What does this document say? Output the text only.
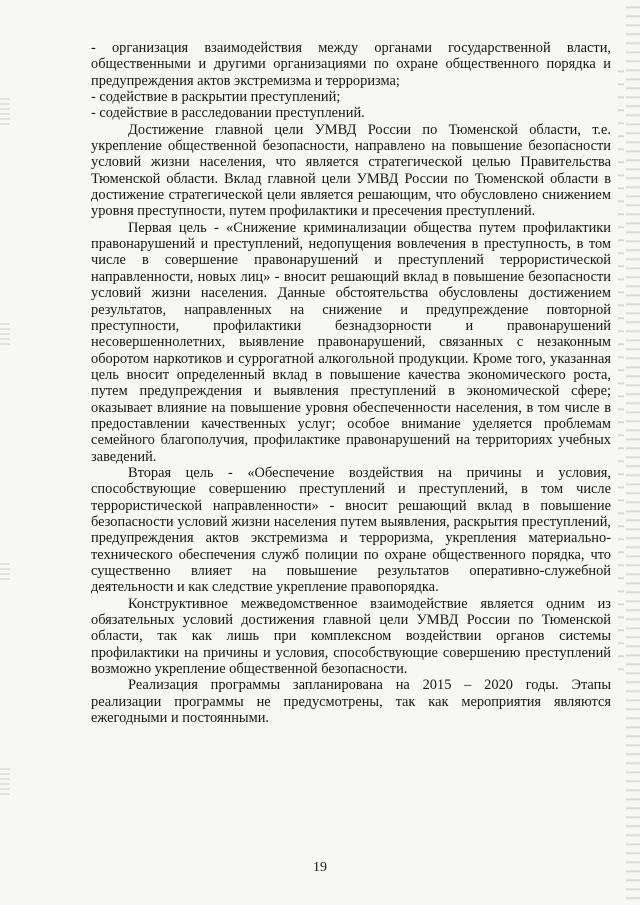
- организация взаимодействия между органами государственной власти, общественными и другими организациями по охране общественного порядка и предупреждения актов экстремизма и терроризма;

- содействие в раскрытии преступлений;

- содействие в расследовании преступлений.

Достижение главной цели УМВД России по Тюменской области, т.е. укрепление общественной безопасности, направлено на повышение безопасности условий жизни населения, что является стратегической целью Правительства Тюменской области. Вклад главной цели УМВД России по Тюменской области в достижение стратегической цели является решающим, что обусловлено снижением уровня преступности, путем профилактики и пресечения преступлений.

Первая цель - «Снижение криминализации общества путем профилактики правонарушений и преступлений, недопущения вовлечения в преступность, в том числе в совершение правонарушений и преступлений террористической направленности, новых лиц» - вносит решающий вклад в повышение безопасности условий жизни населения. Данные обстоятельства обусловлены достижением результатов, направленных на снижение и предупреждение повторной преступности, профилактики безнадзорности и правонарушений несовершеннолетних, выявление правонарушений, связанных с незаконным оборотом наркотиков и суррогатной алкогольной продукции. Кроме того, указанная цель вносит определенный вклад в повышение качества экономического роста, путем предупреждения и выявления преступлений в экономической сфере; оказывает влияние на повышение уровня обеспеченности населения, в том числе в предоставлении качественных услуг; особое внимание уделяется проблемам семейного благополучия, профилактике правонарушений на территориях учебных заведений.

Вторая цель - «Обеспечение воздействия на причины и условия, способствующие совершению преступлений и преступлений, в том числе террористической направленности» - вносит решающий вклад в повышение безопасности условий жизни населения путем выявления, раскрытия преступлений, предупреждения актов экстремизма и терроризма, укрепления материально-технического обеспечения служб полиции по охране общественного порядка, что существенно влияет на повышение результатов оперативно-служебной деятельности и как следствие укрепление правопорядка.

Конструктивное межведомственное взаимодействие является одним из обязательных условий достижения главной цели УМВД России по Тюменской области, так как лишь при комплексном воздействии органов системы профилактики на причины и условия, способствующие совершению преступлений возможно укрепление общественной безопасности.

Реализация программы запланирована на 2015 – 2020 годы. Этапы реализации программы не предусмотрены, так как мероприятия являются ежегодными и постоянными.

19
